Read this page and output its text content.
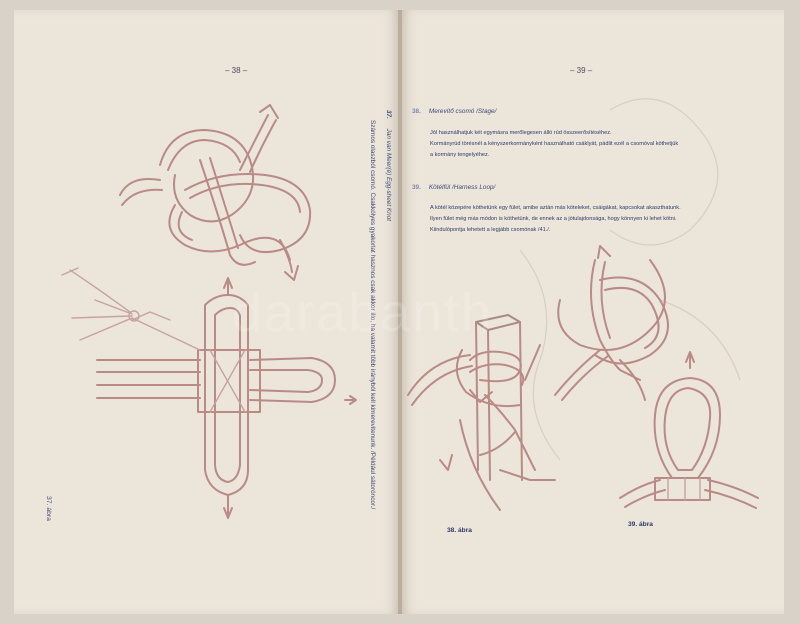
– 38 –	– 39 –
37. Jan van Meer(é) Egg-sheet Knot
Számos olaszból csomó. Csakkólyes gyakorlat hasznos csak akkor illo, ha valamit több irányból kell kimerevitenunk. /Például sátoróncor./
37. ábra
38. Merevítő csomó /Stage/
Jól használhatjuk két egymásra merőlegesen álló rúd összeerősítéséhez.
Kormányrúd törésnél a kényszerkormányként használható csáklyát, pádlit ezél a csomóval köthetjük
a kormány tengelyéhez.
39. Kötélfül /Harness Loop/
A kötél közepére köthetünk egy fület, amibe aztán más köteleket, csáigákat, kapcsokat akaszthatunk.
Ilyen fület még más módon is köthetünk, de ennek az a jótulajdonsága, hogy könnyen ki lehet kötni.
Kiindulópontja lehetett a legjább csomónak /41./.
38. ábra
39. ábra
darabanth
